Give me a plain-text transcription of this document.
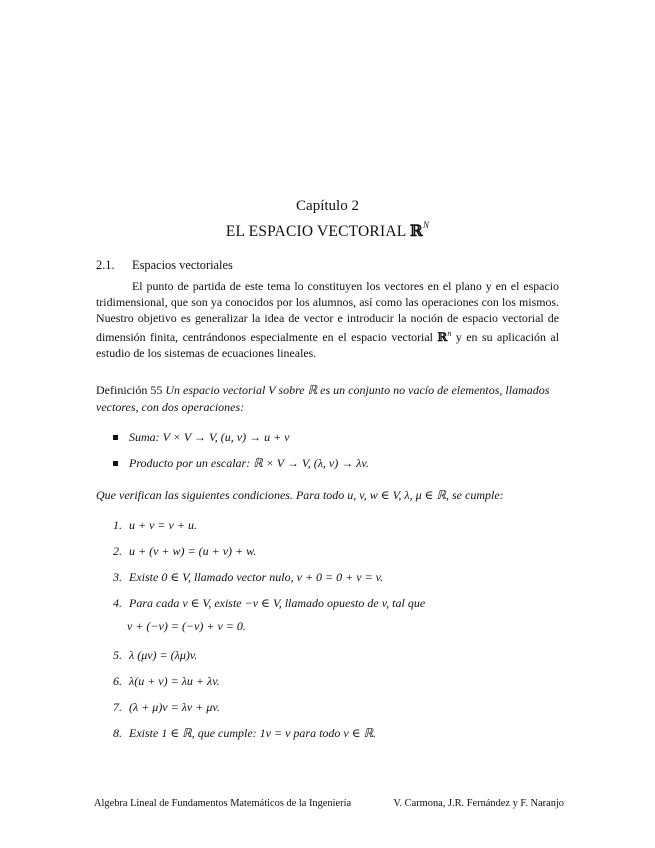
Capítulo 2
EL ESPACIO VECTORIAL ℝ$^N$
2.1. Espacios vectoriales
El punto de partida de este tema lo constituyen los vectores en el plano y en el espacio tridimensional, que son ya conocidos por los alumnos, así como las operaciones con los mismos. Nuestro objetivo es generalizar la idea de vector e introducir la noción de espacio vectorial de dimensión finita, centrándonos especialmente en el espacio vectorial ℝ$^n$ y en su aplicación al estudio de los sistemas de ecuaciones lineales.
Definición 55 Un espacio vectorial V sobre ℝ es un conjunto no vacío de elementos, llamados vectores, con dos operaciones:
Suma: V × V → V, (u, v) → u + v
Producto por un escalar: ℝ × V → V, (λ, v) → λv.
Que verifican las siguientes condiciones. Para todo u, v, w ∈ V, λ, μ ∈ ℝ, se cumple:
1. u + v = v + u.
2. u + (v + w) = (u + v) + w.
3. Existe 0 ∈ V, llamado vector nulo, v + 0 = 0 + v = v.
4. Para cada v ∈ V, existe −v ∈ V, llamado opuesto de v, tal que
v + (−v) = (−v) + v = 0.
5. λ (μv) = (λμ)v.
6. λ(u + v) = λu + λv.
7. (λ + μ)v = λv + μv.
8. Existe 1 ∈ ℝ, que cumple: 1v = v para todo v ∈ ℝ.
Algebra Lineal de Fundamentos Matemáticos de la Ingeniería	V. Carmona, J.R. Fernández y F. Naranjo
